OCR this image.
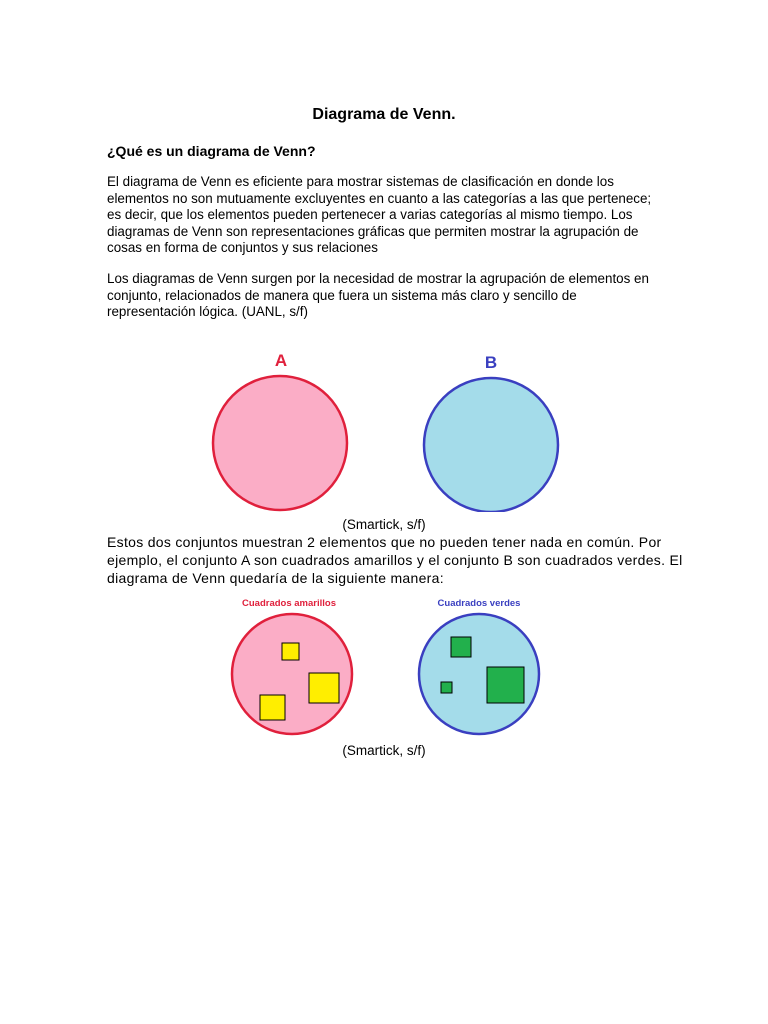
Diagrama de Venn.
¿Qué es un diagrama de Venn?
El diagrama de Venn es eficiente para mostrar sistemas de clasificación en donde los elementos no son mutuamente excluyentes en cuanto a las categorías a las que pertenece; es decir, que los elementos pueden pertenecer a varias categorías al mismo tiempo. Los diagramas de Venn son representaciones gráficas que permiten mostrar la agrupación de cosas en forma de conjuntos y sus relaciones
Los diagramas de Venn surgen por la necesidad de mostrar la agrupación de elementos en conjunto, relacionados de manera que fuera un sistema más claro y sencillo de representación lógica. (UANL, s/f)
A	B
(Smartick, s/f)
Estos dos conjuntos muestran 2 elementos que no pueden tener nada en común. Por ejemplo, el conjunto A son cuadrados amarillos y el conjunto B son cuadrados verdes. El diagrama de Venn quedaría de la siguiente manera:
Cuadrados amarillos	Cuadrados verdes
(Smartick, s/f)
